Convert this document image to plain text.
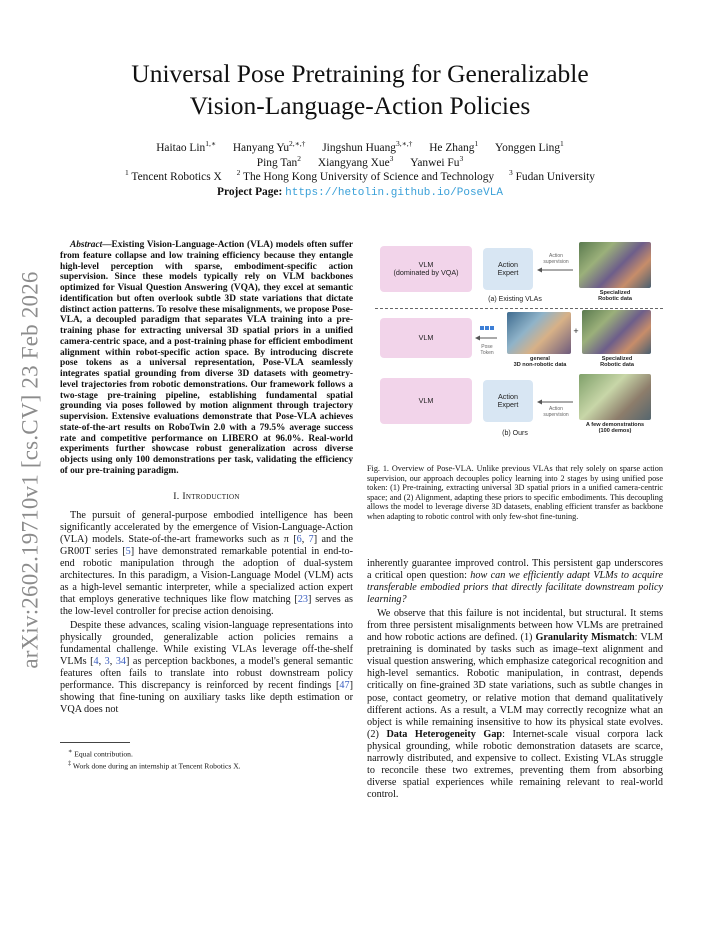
arXiv:2602.19710v1 [cs.CV] 23 Feb 2026
Universal Pose Pretraining for Generalizable
Vision-Language-Action Policies
Haitao Lin$^{1,∗}$ Hanyang $Yu^{2,∗,\dagger}$ Jingshun Huang$^{3,∗,\dagger}$ He Zhang$^1$ Yonggen Ling$^1$
Ping Tan$^2$ Xiangyang Xue$^3$ Yanwei Fu$^3$
$^1$ Tencent Robotics X $^2$ The Hong Kong University of Science and Technology $^3$ Fudan University
Project Page: https://hetolin.github.io/PoseVLA

Abstract—Existing Vision-Language-Action (VLA) models often suffer from feature collapse and low training efficiency because they entangle high-level perception with sparse, embodiment-specific action supervision. Since these models typically rely on VLM backbones optimized for Visual Question Answering (VQA), they excel at semantic identification but often overlook subtle 3D state variations that dictate distinct action patterns. To resolve these misalignments, we propose Pose-VLA, a decoupled paradigm that separates VLA training into a pre-training phase for extracting universal 3D spatial priors in a unified camera-centric space, and a post-training phase for efficient embodiment alignment within robot-specific action space. By introducing discrete pose tokens as a universal representation, Pose-VLA seamlessly integrates spatial grounding from diverse 3D datasets with geometry-level trajectories from robotic demonstrations. Our framework follows a two-stage pre-training pipeline, establishing fundamental spatial grounding via poses followed by motion alignment through trajectory supervision. Extensive evaluations demonstrate that Pose-VLA achieves state-of-the-art results on RoboTwin 2.0 with a 79.5% average success rate and competitive performance on LIBERO at 96.0%. Real-world experiments further showcase robust generalization across diverse objects using only 100 demonstrations per task, validating the efficiency of our pre-training paradigm.

I. Introduction

The pursuit of general-purpose embodied intelligence has been significantly accelerated by the emergence of Vision-Language-Action (VLA) models. State-of-the-art frameworks such as π [6, 7] and the GR00T series [5] have demonstrated remarkable potential in end-to-end robotic manipulation through the adoption of dual-system architectures. In this paradigm, a Vision-Language Model (VLM) acts as a high-level semantic interpreter, while a specialized action expert that employs generative techniques like flow matching [23] serves as the low-level controller for precise action denoising.

Despite these advances, scaling vision-language representations into physically grounded, generalizable action policies remains a fundamental challenge. While existing VLAs leverage off-the-shelf VLMs [4, 3, 34] as perception backbones, a model's general semantic features often fails to translate into robust downstream policy performance. This discrepancy is reinforced by recent findings [47] showing that fine-tuning on auxiliary tasks like depth estimation or VQA does not

∗ Equal contribution.

‡ Work done during an internship at Tencent Robotics X.

VLM
(dominated by VQA)
Action
Expert
Action
supervision
Specialized
Robotic data
(a) Existing VLAs
VLM
Pose
Token
general
3D non-robotic data
+
Specialized
Robotic data
VLM	Action
Expert	Action
supervision
A few demonstrations
(100 demos)
(b) Ours

Fig. 1. Overview of Pose-VLA. Unlike previous VLAs that rely solely on sparse action supervision, our approach decouples policy learning into 2 stages by using unified pose token: (1) Pre-training, extracting universal 3D spatial priors in a unified camera-centric space; and (2) Alignment, adapting these priors to specific embodiments. This decoupling allows the model to leverage diverse 3D datasets, enabling efficient transfer as backbone when adapting to robotic control with only few-shot fine-tuning.

inherently guarantee improved control. This persistent gap underscores a critical open question: how can we efficiently adapt VLMs to acquire transferable embodied priors that directly facilitate downstream policy learning?

We observe that this failure is not incidental, but structural. It stems from three persistent misalignments between how VLMs are pretrained and how robotic actions are defined. (1) Granularity Mismatch: VLM pretraining is dominated by tasks such as image–text alignment and visual question answering, which emphasize categorical recognition and high-level semantics. Robotic manipulation, in contrast, depends critically on fine-grained 3D state variations, such as subtle changes in pose, contact geometry, or relative motion that demand qualitatively different actions. As a result, a VLM may correctly recognize what an object is while remaining insensitive to how its physical state evolves. (2) Data Heterogeneity Gap: Internet-scale visual corpora lack physical grounding, while robotic demonstration datasets are scarce, narrowly distributed, and expensive to collect. Existing VLAs struggle to reconcile these two extremes, preventing them from absorbing diverse spatial experiences while remaining relevant to real-world control.
